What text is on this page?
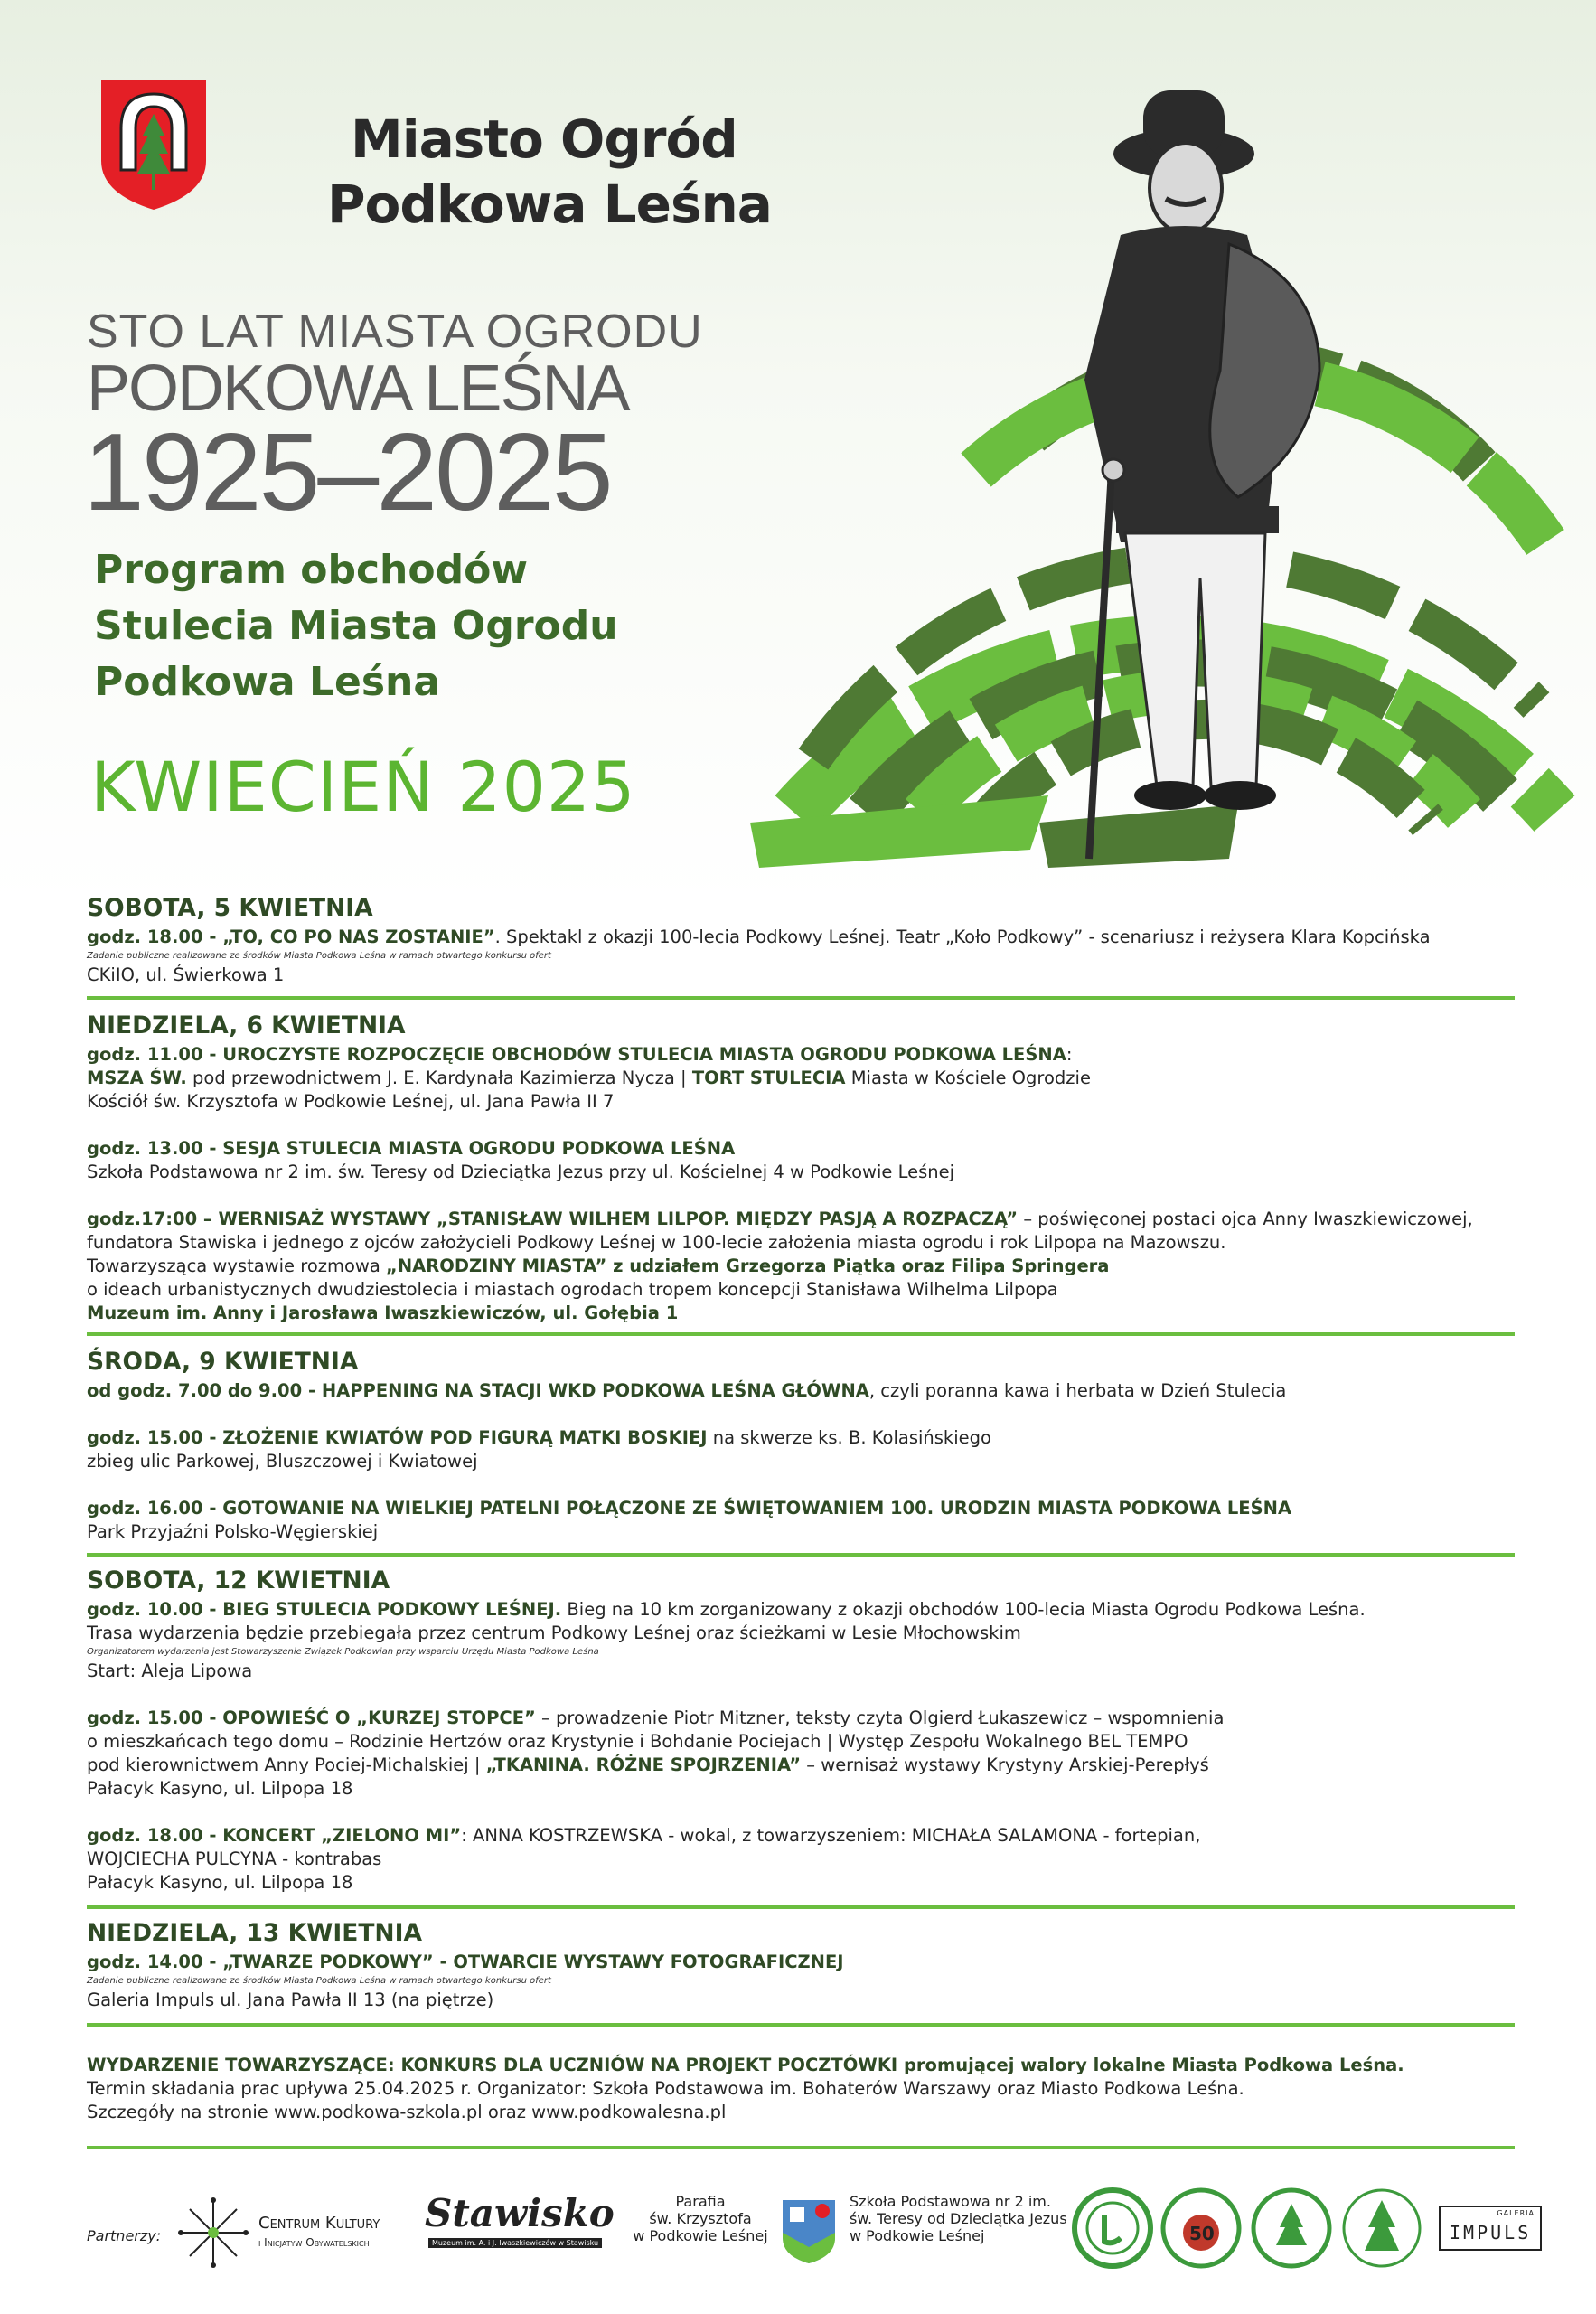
Miasto Ogród
Podkowa Leśna
STO LAT MIASTA OGRODU
PODKOWA LEŚNA
1925–2025
Program obchodów
Stulecia Miasta Ogrodu
Podkowa Leśna
KWIECIEŃ 2025
SOBOTA, 5 KWIETNIA
godz. 18.00 - „TO, CO PO NAS ZOSTANIE”. Spektakl z okazji 100-lecia Podkowy Leśnej. Teatr „Koło Podkowy” - scenariusz i reżysera Klara Kopcińska
Zadanie publiczne realizowane ze środków Miasta Podkowa Leśna w ramach otwartego konkursu ofert
CKiIO, ul. Świerkowa 1
NIEDZIELA, 6 KWIETNIA
godz. 11.00 - UROCZYSTE ROZPOCZĘCIE OBCHODÓW STULECIA MIASTA OGRODU PODKOWA LEŚNA:
MSZA ŚW. pod przewodnictwem J. E. Kardynała Kazimierza Nycza | TORT STULECIA Miasta w Kościele Ogrodzie
Kościół św. Krzysztofa w Podkowie Leśnej, ul. Jana Pawła II 7
godz. 13.00 - SESJA STULECIA MIASTA OGRODU PODKOWA LEŚNA
Szkoła Podstawowa nr 2 im. św. Teresy od Dzieciątka Jezus przy ul. Kościelnej 4 w Podkowie Leśnej
godz.17:00 – WERNISAŻ WYSTAWY „STANISŁAW WILHEM LILPOP. MIĘDZY PASJĄ A ROZPACZĄ” – poświęconej postaci ojca Anny Iwaszkiewiczowej,
fundatora Stawiska i jednego z ojców założycieli Podkowy Leśnej w 100-lecie założenia miasta ogrodu i rok Lilpopa na Mazowszu.
Towarzysząca wystawie rozmowa „NARODZINY MIASTA” z udziałem Grzegorza Piątka oraz Filipa Springera
o ideach urbanistycznych dwudziestolecia i miastach ogrodach tropem koncepcji Stanisława Wilhelma Lilpopa
Muzeum im. Anny i Jarosława Iwaszkiewiczów, ul. Gołębia 1
ŚRODA, 9 KWIETNIA
od godz. 7.00 do 9.00 - HAPPENING NA STACJI WKD PODKOWA LEŚNA GŁÓWNA, czyli poranna kawa i herbata w Dzień Stulecia
godz. 15.00 - ZŁOŻENIE KWIATÓW POD FIGURĄ MATKI BOSKIEJ na skwerze ks. B. Kolasińskiego
zbieg ulic Parkowej, Bluszczowej i Kwiatowej
godz. 16.00 - GOTOWANIE NA WIELKIEJ PATELNI POŁĄCZONE ZE ŚWIĘTOWANIEM 100. URODZIN MIASTA PODKOWA LEŚNA
Park Przyjaźni Polsko-Węgierskiej
SOBOTA, 12 KWIETNIA
godz. 10.00 - BIEG STULECIA PODKOWY LEŚNEJ. Bieg na 10 km zorganizowany z okazji obchodów 100-lecia Miasta Ogrodu Podkowa Leśna.
Trasa wydarzenia będzie przebiegała przez centrum Podkowy Leśnej oraz ścieżkami w Lesie Młochowskim
Organizatorem wydarzenia jest Stowarzyszenie Związek Podkowian przy wsparciu Urzędu Miasta Podkowa Leśna
Start: Aleja Lipowa
godz. 15.00 - OPOWIEŚĆ O „KURZEJ STOPCE” – prowadzenie Piotr Mitzner, teksty czyta Olgierd Łukaszewicz – wspomnienia
o mieszkańcach tego domu – Rodzinie Hertzów oraz Krystynie i Bohdanie Pociejach | Występ Zespołu Wokalnego BEL TEMPO
pod kierownictwem Anny Pociej-Michalskiej | „TKANINA. RÓŻNE SPOJRZENIA” – wernisaż wystawy Krystyny Arskiej-Perepłyś
Pałacyk Kasyno, ul. Lilpopa 18
godz. 18.00 - KONCERT „ZIELONO MI”: ANNA KOSTRZEWSKA - wokal, z towarzyszeniem: MICHAŁA SALAMONA - fortepian,
WOJCIECHA PULCYNA - kontrabas
Pałacyk Kasyno, ul. Lilpopa 18
NIEDZIELA, 13 KWIETNIA
godz. 14.00 - „TWARZE PODKOWY” - OTWARCIE WYSTAWY FOTOGRAFICZNEJ
Zadanie publiczne realizowane ze środków Miasta Podkowa Leśna w ramach otwartego konkursu ofert
Galeria Impuls ul. Jana Pawła II 13 (na piętrze)
WYDARZENIE TOWARZYSZĄCE: KONKURS DLA UCZNIÓW NA PROJEKT POCZTÓWKI promującej walory lokalne Miasta Podkowa Leśna.
Termin składania prac upływa 25.04.2025 r. Organizator: Szkoła Podstawowa im. Bohaterów Warszawy oraz Miasto Podkowa Leśna.
Szczegóły na stronie www.podkowa-szkola.pl oraz www.podkowalesna.pl
Partnerzy:
Centrum Kultury
i Inicjatyw Obywatelskich
Stawisko
Muzeum im. A. i J. Iwaszkiewiczów w Stawisku
Parafia
św. Krzysztofa
w Podkowie Leśnej
Szkoła Podstawowa nr 2 im.
św. Teresy od Dzieciątka Jezus
w Podkowie Leśnej	50
GALERIA
IMPULS
